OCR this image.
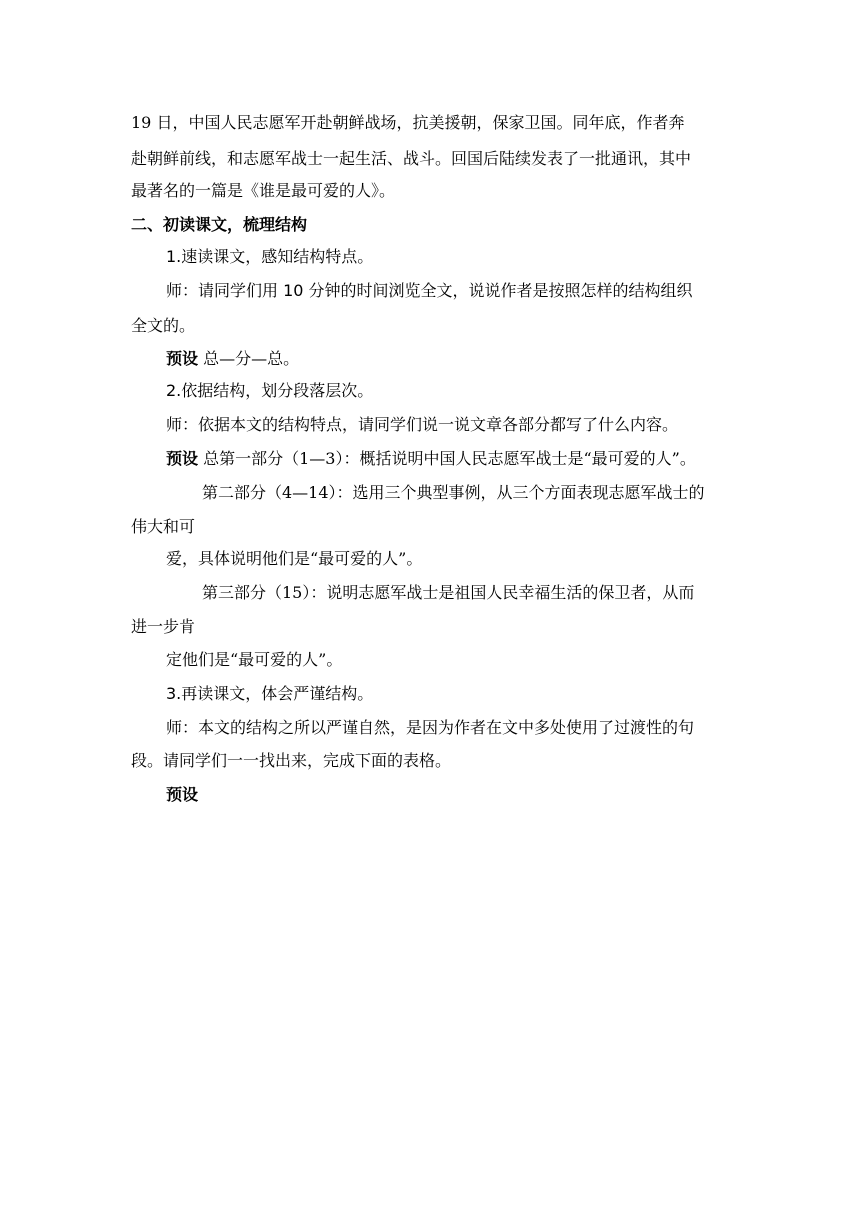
19 日，中国人民志愿军开赴朝鲜战场，抗美援朝，保家卫国。同年底，作者奔
赴朝鲜前线，和志愿军战士一起生活、战斗。回国后陆续发表了一批通讯，其中
最著名的一篇是《谁是最可爱的人》。
二、初读课文，梳理结构
1.速读课文，感知结构特点。
师：请同学们用 10 分钟的时间浏览全文，说说作者是按照怎样的结构组织
全文的。
预设 总—分—总。
2.依据结构，划分段落层次。
师：依据本文的结构特点，请同学们说一说文章各部分都写了什么内容。
预设 总第一部分（1—3）：概括说明中国人民志愿军战士是“最可爱的人”。
第二部分（4—14）：选用三个典型事例，从三个方面表现志愿军战士的
伟大和可
爱，具体说明他们是“最可爱的人”。
第三部分（15）：说明志愿军战士是祖国人民幸福生活的保卫者，从而
进一步肯
定他们是“最可爱的人”。
3.再读课文，体会严谨结构。
师：本文的结构之所以严谨自然，是因为作者在文中多处使用了过渡性的句
段。请同学们一一找出来，完成下面的表格。
预设
